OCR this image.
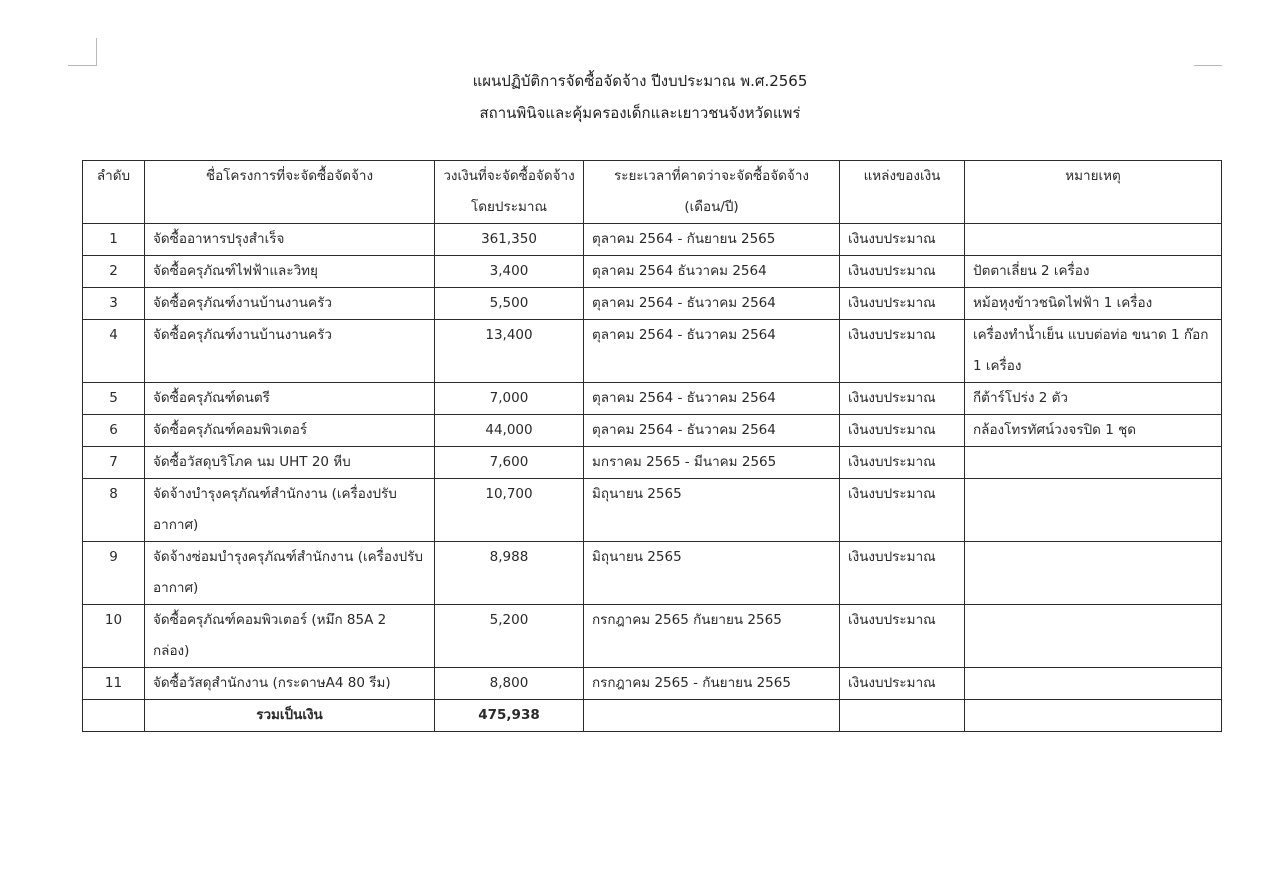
แผนปฏิบัติการจัดซื้อจัดจ้าง ปีงบประมาณ พ.ศ.2565
สถานพินิจและคุ้มครองเด็กและเยาวชนจังหวัดแพร่
ลำดับ	ชื่อโครงการที่จะจัดซื้อจัดจ้าง	วงเงินที่จะจัดซื้อจัดจ้างโดยประมาณ	ระยะเวลาที่คาดว่าจะจัดซื้อจัดจ้าง (เดือน/ปี)	แหล่งของเงิน	หมายเหตุ
1	จัดซื้ออาหารปรุงสำเร็จ	361,350	ตุลาคม 2564 - กันยายน 2565	เงินงบประมาณ	
2	จัดซื้อครุภัณฑ์ไฟฟ้าและวิทยุ	3,400	ตุลาคม 2564 ธันวาคม 2564	เงินงบประมาณ	ปัตตาเลี่ยน 2 เครื่อง
3	จัดซื้อครุภัณฑ์งานบ้านงานครัว	5,500	ตุลาคม 2564 - ธันวาคม 2564	เงินงบประมาณ	หม้อหุงข้าวชนิดไฟฟ้า 1 เครื่อง
4	จัดซื้อครุภัณฑ์งานบ้านงานครัว	13,400	ตุลาคม 2564 - ธันวาคม 2564	เงินงบประมาณ	เครื่องทำน้ำเย็น แบบต่อท่อ ขนาด 1 ก๊อก 1 เครื่อง
5	จัดซื้อครุภัณฑ์ดนตรี	7,000	ตุลาคม 2564 - ธันวาคม 2564	เงินงบประมาณ	กีต้าร์โปร่ง 2 ตัว
6	จัดซื้อครุภัณฑ์คอมพิวเตอร์	44,000	ตุลาคม 2564 - ธันวาคม 2564	เงินงบประมาณ	กล้องโทรทัศน์วงจรปิด 1 ชุด
7	จัดซื้อวัสดุบริโภค นม UHT 20 หีบ	7,600	มกราคม 2565 - มีนาคม 2565	เงินงบประมาณ	
8	จัดจ้างบำรุงครุภัณฑ์สำนักงาน (เครื่องปรับอากาศ)	10,700	มิถุนายน 2565	เงินงบประมาณ	
9	จัดจ้างซ่อมบำรุงครุภัณฑ์สำนักงาน (เครื่องปรับอากาศ)	8,988	มิถุนายน 2565	เงินงบประมาณ	
10	จัดซื้อครุภัณฑ์คอมพิวเตอร์ (หมึก 85A 2 กล่อง)	5,200	กรกฎาคม 2565 กันยายน 2565	เงินงบประมาณ	
11	จัดซื้อวัสดุสำนักงาน (กระดาษA4 80 รีม)	8,800	กรกฎาคม 2565 - กันยายน 2565	เงินงบประมาณ	
	รวมเป็นเงิน	475,938			
